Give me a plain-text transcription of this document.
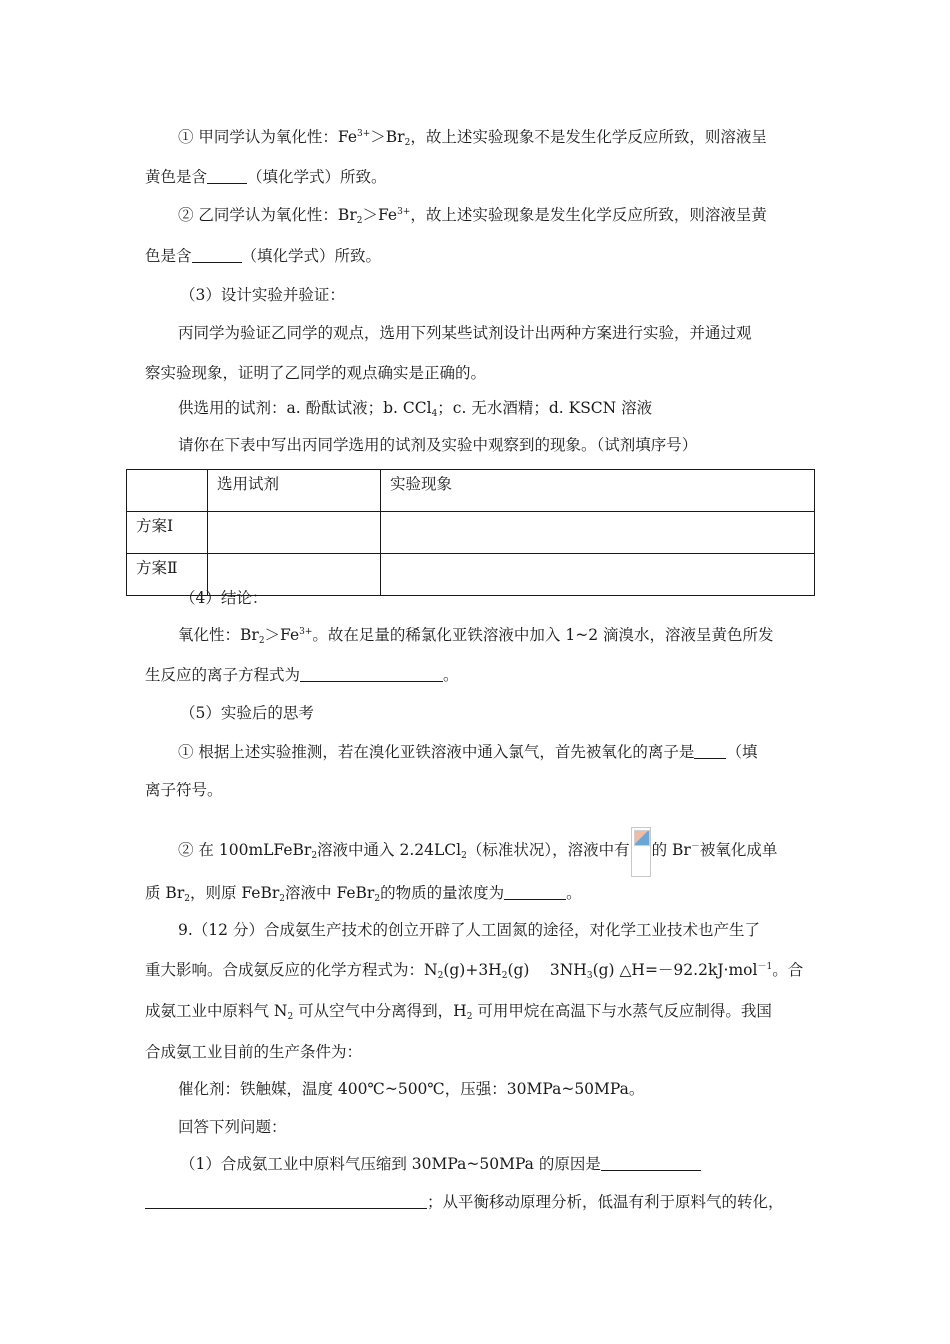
① 甲同学认为氧化性：$Fe^{3+}>Br_2$，故上述实验现象不是发生化学反应所致，则溶液呈
黄色是含	（填化学式）所致。
② 乙同学认为氧化性：$Br_2>Fe^{3+}$，故上述实验现象是发生化学反应所致，则溶液呈黄
色是含	（填化学式）所致。
（3）设计实验并验证：
丙同学为验证乙同学的观点，选用下列某些试剂设计出两种方案进行实验，并通过观
察实验现象，证明了乙同学的观点确实是正确的。
供选用的试剂：a. 酚酞试液；b. CCl$_4$；c. 无水酒精；d. KSCN 溶液
请你在下表中写出丙同学选用的试剂及实验中观察到的现象。（试剂填序号）
	选用试剂	实验现象
方案Ⅰ		
方案Ⅱ		
（4）结论：
氧化性：$Br_2>Fe^{3+}$。故在足量的稀氯化亚铁溶液中加入 1~2 滴溴水，溶液呈黄色所发
生反应的离子方程式为	。
（5）实验后的思考
① 根据上述实验推测，若在溴化亚铁溶液中通入氯气，首先被氧化的离子是 （填
离子符号。
② 在 100mLFeBr$_2$溶液中通入 2.24LCl$_2$（标准状况），溶液中有 的 Br－被氧化成单
质 $Br_2$，则原 FeBr$_2$溶液中 FeBr$_2$的物质的量浓度为	。
9.（12 分）合成氨生产技术的创立开辟了人工固氮的途径，对化学工业技术也产生了
重大影响。合成氨反应的化学方程式为：$N_2(g)+3H_2(g)$　 $3NH_3(g)$ △H=－92.2kJ·mol$^{-1}$。合
成氨工业中原料气 $N_2$ 可从空气中分离得到，$H_2$ 可用甲烷在高温下与水蒸气反应制得。我国
合成氨工业目前的生产条件为：
催化剂：铁触媒，温度 400℃~500℃，压强：30MPa~50MPa。
回答下列问题：
（1）合成氨工业中原料气压缩到 30MPa~50MPa 的原因是
；从平衡移动原理分析，低温有利于原料气的转化，
